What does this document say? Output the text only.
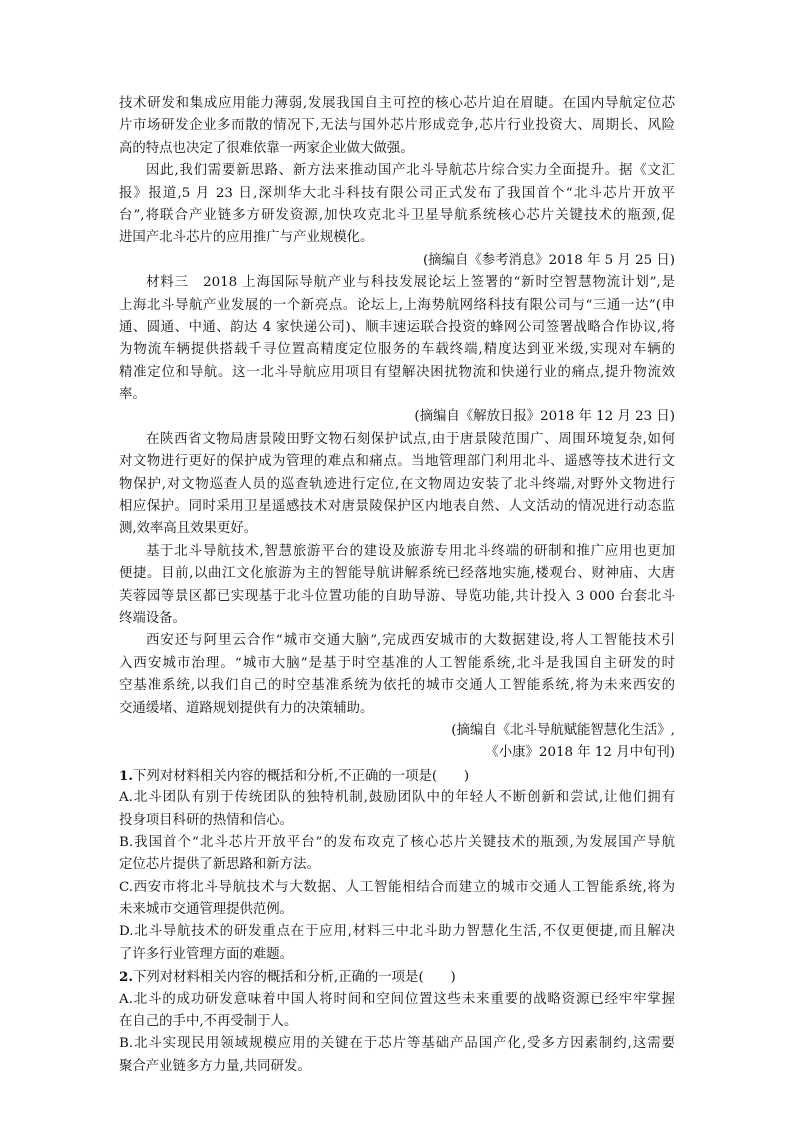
技术研发和集成应用能力薄弱,发展我国自主可控的核心芯片迫在眉睫。在国内导航定位芯
片市场研发企业多而散的情况下,无法与国外芯片形成竞争,芯片行业投资大、周期长、风险
高的特点也决定了很难依靠一两家企业做大做强。
因此,我们需要新思路、新方法来推动国产北斗导航芯片综合实力全面提升。据《文汇
报》报道,5 月 23 日,深圳华大北斗科技有限公司正式发布了我国首个“北斗芯片开放平
台”,将联合产业链多方研发资源,加快攻克北斗卫星导航系统核心芯片关键技术的瓶颈,促
进国产北斗芯片的应用推广与产业规模化。
(摘编自《参考消息》2018 年 5 月 25 日)
材料三　2018 上海国际导航产业与科技发展论坛上签署的“新时空智慧物流计划”,是
上海北斗导航产业发展的一个新亮点。论坛上,上海势航网络科技有限公司与“三通一达”(申
通、圆通、中通、韵达 4 家快递公司)、顺丰速运联合投资的蜂网公司签署战略合作协议,将
为物流车辆提供搭载千寻位置高精度定位服务的车载终端,精度达到亚米级,实现对车辆的
精准定位和导航。这一北斗导航应用项目有望解决困扰物流和快递行业的痛点,提升物流效
率。
(摘编自《解放日报》2018 年 12 月 23 日)
在陕西省文物局唐景陵田野文物石刻保护试点,由于唐景陵范围广、周围环境复杂,如何
对文物进行更好的保护成为管理的难点和痛点。当地管理部门利用北斗、遥感等技术进行文
物保护,对文物巡查人员的巡查轨迹进行定位,在文物周边安装了北斗终端,对野外文物进行
相应保护。同时采用卫星遥感技术对唐景陵保护区内地表自然、人文活动的情况进行动态监
测,效率高且效果更好。
基于北斗导航技术,智慧旅游平台的建设及旅游专用北斗终端的研制和推广应用也更加
便捷。目前,以曲江文化旅游为主的智能导航讲解系统已经落地实施,楼观台、财神庙、大唐
芙蓉园等景区都已实现基于北斗位置功能的自助导游、导览功能,共计投入 3 000 台套北斗
终端设备。
西安还与阿里云合作“城市交通大脑”,完成西安城市的大数据建设,将人工智能技术引
入西安城市治理。“城市大脑”是基于时空基准的人工智能系统,北斗是我国自主研发的时
空基准系统,以我们自己的时空基准系统为依托的城市交通人工智能系统,将为未来西安的
交通缓堵、道路规划提供有力的决策辅助。
(摘编自《北斗导航赋能智慧化生活》,
《小康》2018 年 12 月中旬刊)
1.下列对材料相关内容的概括和分析,不正确的一项是(　　)
A.北斗团队有别于传统团队的独特机制,鼓励团队中的年轻人不断创新和尝试,让他们拥有
投身项目科研的热情和信心。
B.我国首个“北斗芯片开放平台”的发布攻克了核心芯片关键技术的瓶颈,为发展国产导航
定位芯片提供了新思路和新方法。
C.西安市将北斗导航技术与大数据、人工智能相结合而建立的城市交通人工智能系统,将为
未来城市交通管理提供范例。
D.北斗导航技术的研发重点在于应用,材料三中北斗助力智慧化生活,不仅更便捷,而且解决
了许多行业管理方面的难题。
2.下列对材料相关内容的概括和分析,正确的一项是(　　)
A.北斗的成功研发意味着中国人将时间和空间位置这些未来重要的战略资源已经牢牢掌握
在自己的手中,不再受制于人。
B.北斗实现民用领域规模应用的关键在于芯片等基础产品国产化,受多方因素制约,这需要
聚合产业链多方力量,共同研发。
